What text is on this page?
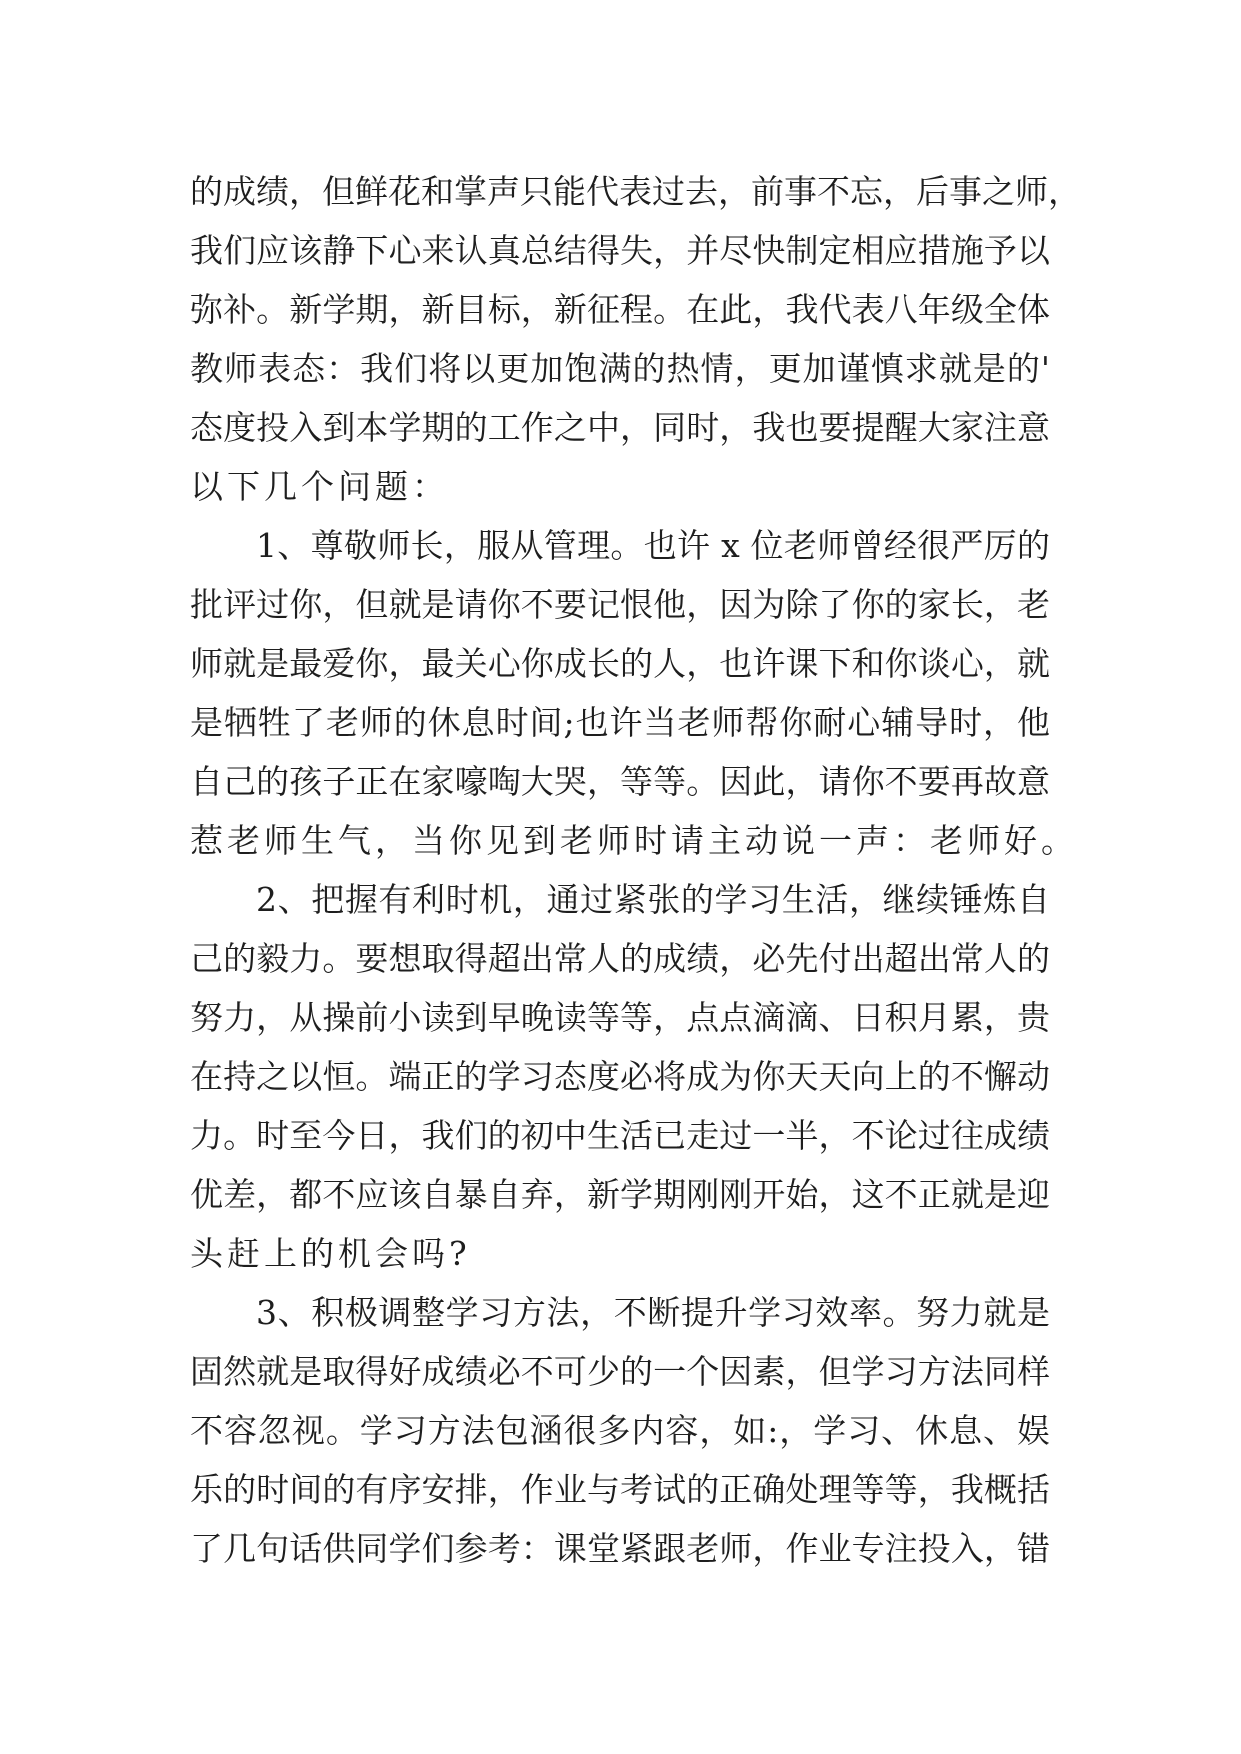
的成绩，但鲜花和掌声只能代表过去，前事不忘，后事之师，
我们应该静下心来认真总结得失，并尽快制定相应措施予以
弥补。新学期，新目标，新征程。在此，我代表八年级全体
教师表态：我们将以更加饱满的热情，更加谨慎求就是的'
态度投入到本学期的工作之中，同时，我也要提醒大家注意
以下几个问题：
1、尊敬师长，服从管理。也许 x 位老师曾经很严厉的
批评过你，但就是请你不要记恨他，因为除了你的家长，老
师就是最爱你，最关心你成长的人，也许课下和你谈心，就
是牺牲了老师的休息时间;也许当老师帮你耐心辅导时，他
自己的孩子正在家嚎啕大哭，等等。因此，请你不要再故意
惹老师生气，当你见到老师时请主动说一声：老师好。
2、把握有利时机，通过紧张的学习生活，继续锤炼自
己的毅力。要想取得超出常人的成绩，必先付出超出常人的
努力，从操前小读到早晚读等等，点点滴滴、日积月累，贵
在持之以恒。端正的学习态度必将成为你天天向上的不懈动
力。时至今日，我们的初中生活已走过一半，不论过往成绩
优差，都不应该自暴自弃，新学期刚刚开始，这不正就是迎
头赶上的机会吗?
3、积极调整学习方法，不断提升学习效率。努力就是
固然就是取得好成绩必不可少的一个因素，但学习方法同样
不容忽视。学习方法包涵很多内容，如:，学习、休息、娱
乐的时间的有序安排，作业与考试的正确处理等等，我概括
了几句话供同学们参考：课堂紧跟老师，作业专注投入，错
